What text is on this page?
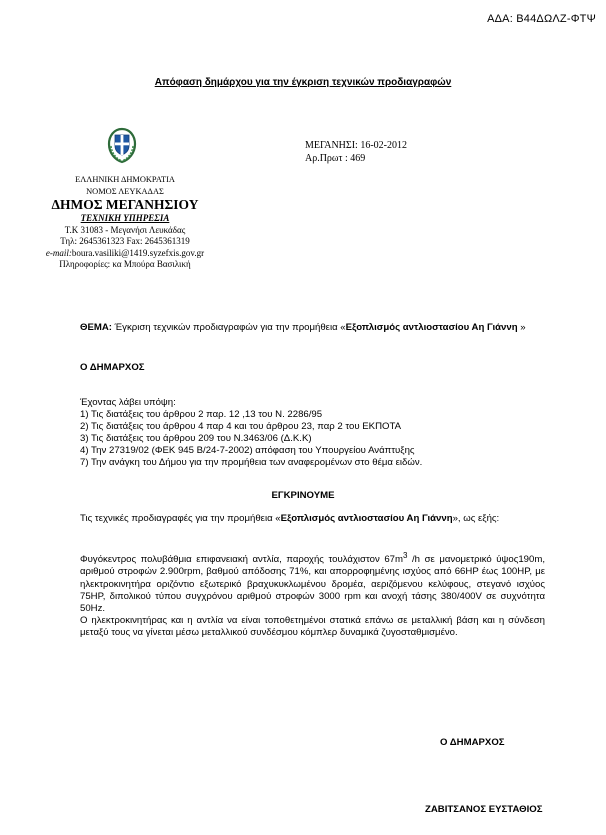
ΑΔΑ: Β44ΔΩΛΖ-ΦΤΨ
Απόφαση δημάρχου για την έγκριση τεχνικών προδιαγραφών
ΕΛΛΗΝΙΚΗ ΔΗΜΟΚΡΑΤΙΑ
ΝΟΜΟΣ ΛΕΥΚΑΔΑΣ
ΔΗΜΟΣ ΜΕΓΑΝΗΣΙΟΥ
ΤΕΧΝΙΚΗ ΥΠΗΡΕΣΙΑ
Τ.Κ 31083 - Μεγανήσι Λευκάδας
Τηλ: 2645361323 Fax: 2645361319
e-mail:boura.vasiliki@1419.syzefxis.gov.gr
Πληροφορίες: κα Μπούρα Βασιλική
ΜΕΓΑΝΗΣΙ: 16-02-2012
Αρ.Πρωτ : 469
ΘΕΜΑ: Έγκριση τεχνικών προδιαγραφών για την προμήθεια «Εξοπλισμός αντλιοστασίου Αη Γιάννη »
Ο ΔΗΜΑΡΧΟΣ
Έχοντας λάβει υπόψη:
1) Τις διατάξεις του άρθρου 2 παρ. 12 ,13 του Ν. 2286/95
2) Τις διατάξεις του άρθρου 4 παρ 4 και του άρθρου 23, παρ 2 του ΕΚΠΟΤΑ
3) Τις διατάξεις του άρθρου 209 του Ν.3463/06 (Δ.Κ.Κ)
4) Την 27319/02 (ΦΕΚ 945 Β/24-7-2002) απόφαση του Υπουργείου Ανάπτυξης
7) Την ανάγκη του Δήμου για την προμήθεια των αναφερομένων στο θέμα ειδών.
ΕΓΚΡΙΝΟΥΜΕ
Τις τεχνικές προδιαγραφές για την προμήθεια «Εξοπλισμός αντλιοστασίου Αη Γιάννη», ως εξής:
Φυγόκεντρος πολυβάθμια επιφανειακή αντλία, παροχής τουλάχιστον $67m^3$ /h σε μανομετρικό ύψος190m, αριθμού στροφών 2.900rpm, βαθμού απόδοσης 71%, και απορροφημένης ισχύος από 66HP έως 100HP, με ηλεκτροκινητήρα οριζόντιο εξωτερικό βραχυκυκλωμένου δρομέα, αεριζόμενου κελύφους, στεγανό ισχύος 75HP, διπολικού τύπου συγχρόνου αριθμού στροφών 3000 rpm και ανοχή τάσης 380/400V σε συχνότητα 50Hz.
Ο ηλεκτροκινητήρας και η αντλία να είναι τοποθετημένοι στατικά επάνω σε μεταλλική βάση και η σύνδεση μεταξύ τους να γίνεται μέσω μεταλλικού συνδέσμου κόμπλερ δυναμικά ζυγοσταθμισμένο.
Ο ΔΗΜΑΡΧΟΣ
ΖΑΒΙΤΣΑΝΟΣ ΕΥΣΤΑΘΙΟΣ
